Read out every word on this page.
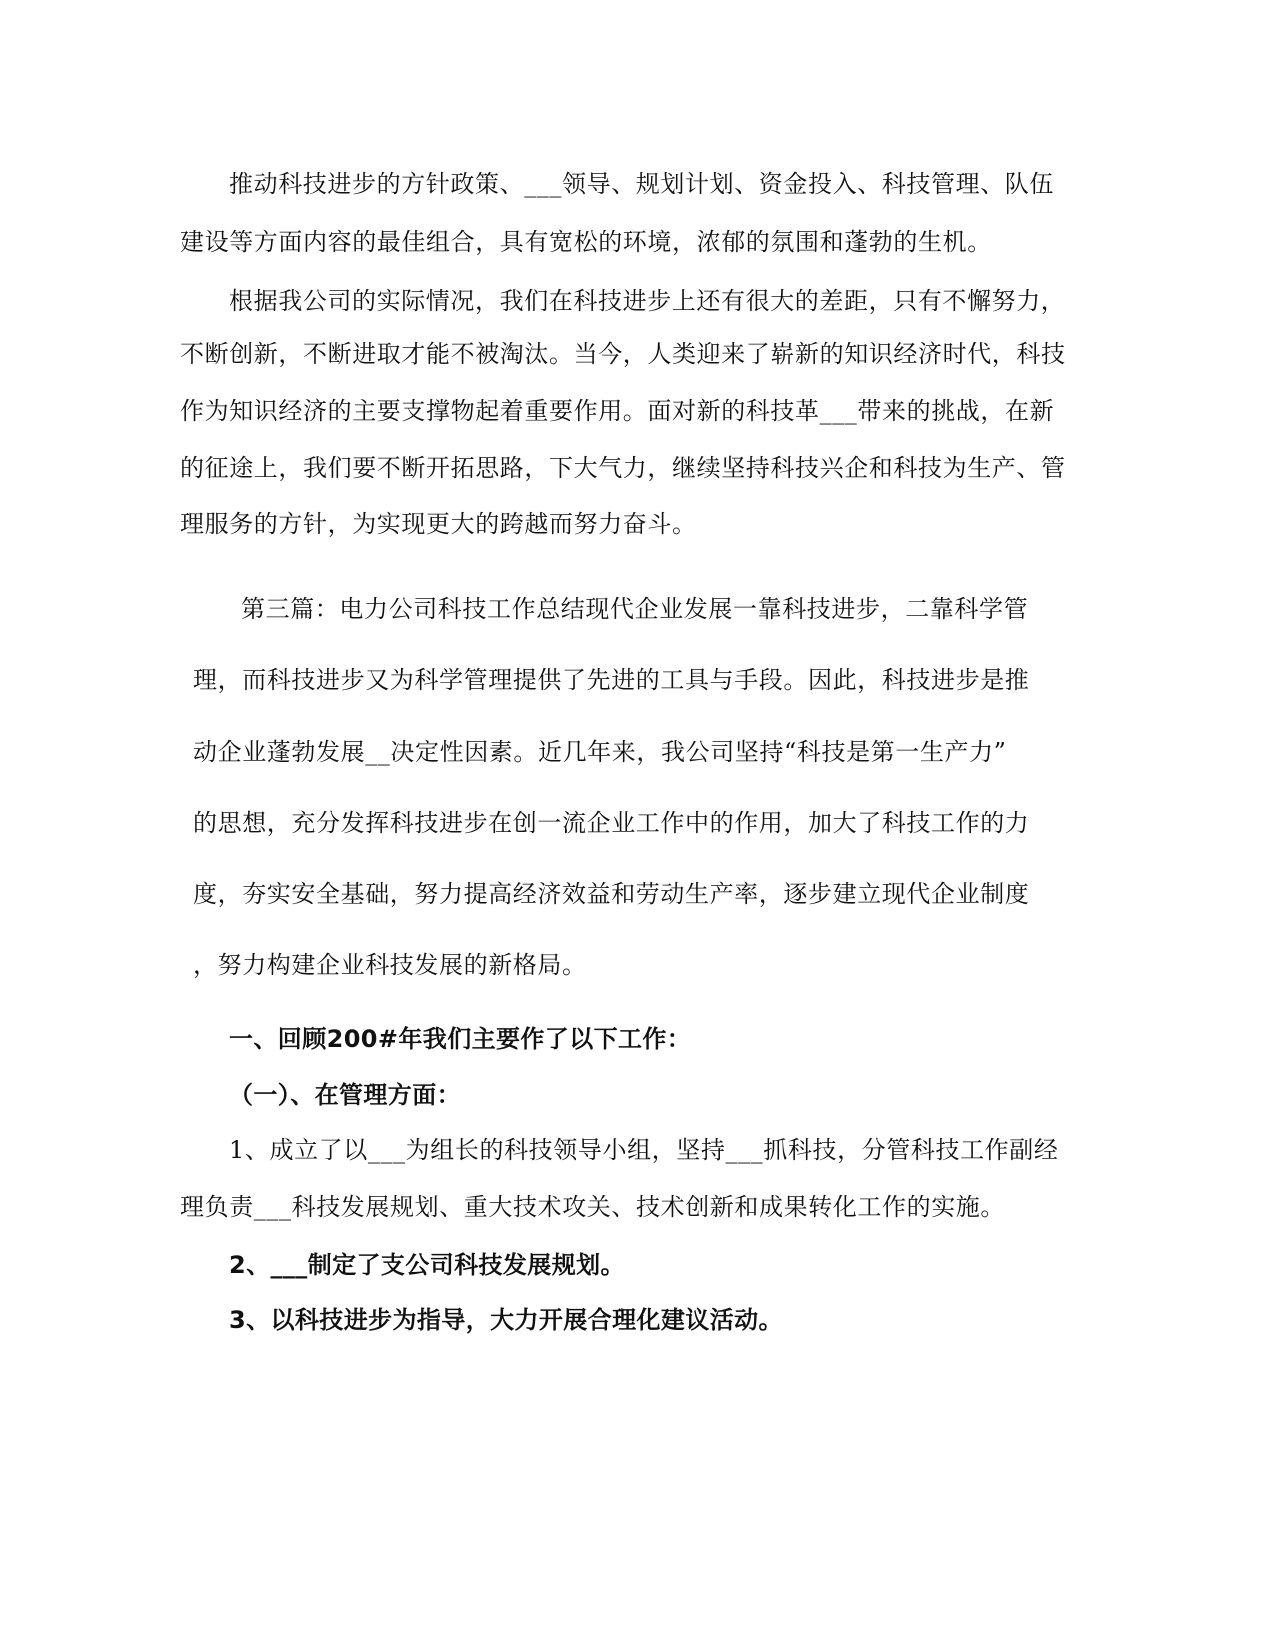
推动科技进步的方针政策、___领导、规划计划、资金投入、科技管理、队伍
建设等方面内容的最佳组合，具有宽松的环境，浓郁的氛围和蓬勃的生机。
根据我公司的实际情况，我们在科技进步上还有很大的差距，只有不懈努力，
不断创新，不断进取才能不被淘汰。当今，人类迎来了崭新的知识经济时代，科技
作为知识经济的主要支撑物起着重要作用。面对新的科技革___带来的挑战，在新
的征途上，我们要不断开拓思路，下大气力，继续坚持科技兴企和科技为生产、管
理服务的方针，为实现更大的跨越而努力奋斗。
第三篇：电力公司科技工作总结现代企业发展一靠科技进步，二靠科学管
理，而科技进步又为科学管理提供了先进的工具与手段。因此，科技进步是推
动企业蓬勃发展__决定性因素。近几年来，我公司坚持“科技是第一生产力”
的思想，充分发挥科技进步在创一流企业工作中的作用，加大了科技工作的力
度，夯实安全基础，努力提高经济效益和劳动生产率，逐步建立现代企业制度
，努力构建企业科技发展的新格局。
一、回顾200#年我们主要作了以下工作：
（一）、在管理方面：
1、成立了以___为组长的科技领导小组，坚持___抓科技，分管科技工作副经
理负责___科技发展规划、重大技术攻关、技术创新和成果转化工作的实施。
2、___制定了支公司科技发展规划。
3、以科技进步为指导，大力开展合理化建议活动。
